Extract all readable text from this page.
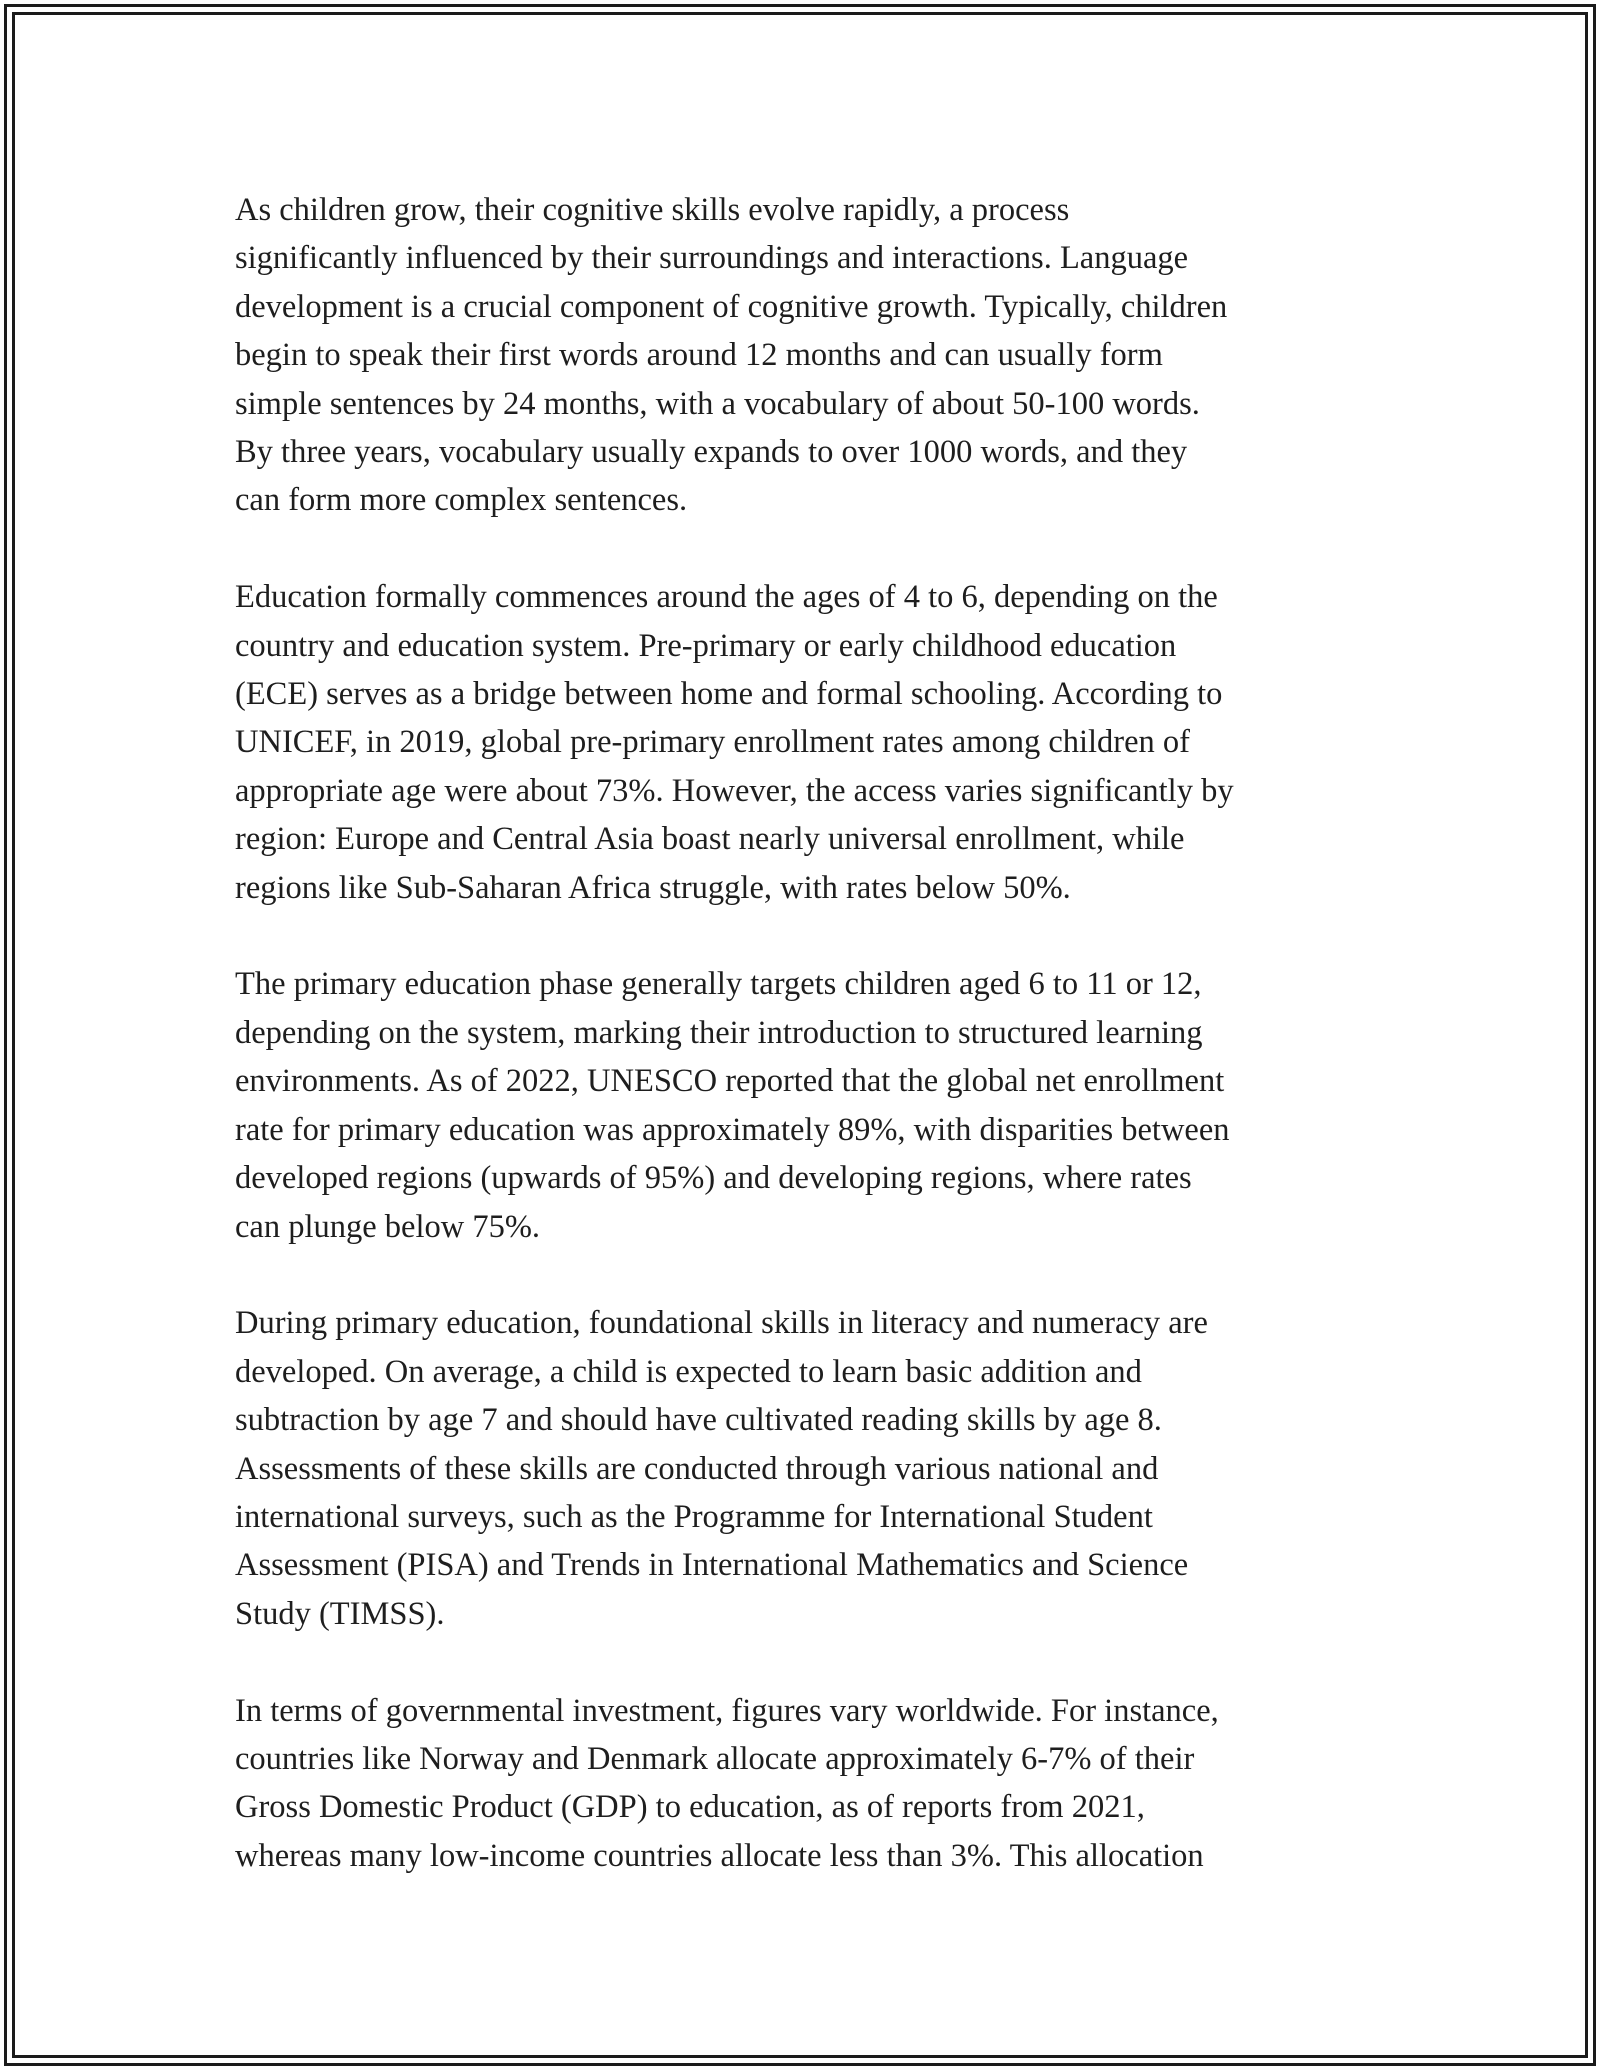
As children grow, their cognitive skills evolve rapidly, a process
significantly influenced by their surroundings and interactions. Language
development is a crucial component of cognitive growth. Typically, children
begin to speak their first words around 12 months and can usually form
simple sentences by 24 months, with a vocabulary of about 50-100 words.
By three years, vocabulary usually expands to over 1000 words, and they
can form more complex sentences.

Education formally commences around the ages of 4 to 6, depending on the
country and education system. Pre-primary or early childhood education
(ECE) serves as a bridge between home and formal schooling. According to
UNICEF, in 2019, global pre-primary enrollment rates among children of
appropriate age were about 73%. However, the access varies significantly by
region: Europe and Central Asia boast nearly universal enrollment, while
regions like Sub-Saharan Africa struggle, with rates below 50%.

The primary education phase generally targets children aged 6 to 11 or 12,
depending on the system, marking their introduction to structured learning
environments. As of 2022, UNESCO reported that the global net enrollment
rate for primary education was approximately 89%, with disparities between
developed regions (upwards of 95%) and developing regions, where rates
can plunge below 75%.

During primary education, foundational skills in literacy and numeracy are
developed. On average, a child is expected to learn basic addition and
subtraction by age 7 and should have cultivated reading skills by age 8.
Assessments of these skills are conducted through various national and
international surveys, such as the Programme for International Student
Assessment (PISA) and Trends in International Mathematics and Science
Study (TIMSS).

In terms of governmental investment, figures vary worldwide. For instance,
countries like Norway and Denmark allocate approximately 6-7% of their
Gross Domestic Product (GDP) to education, as of reports from 2021,
whereas many low-income countries allocate less than 3%. This allocation
